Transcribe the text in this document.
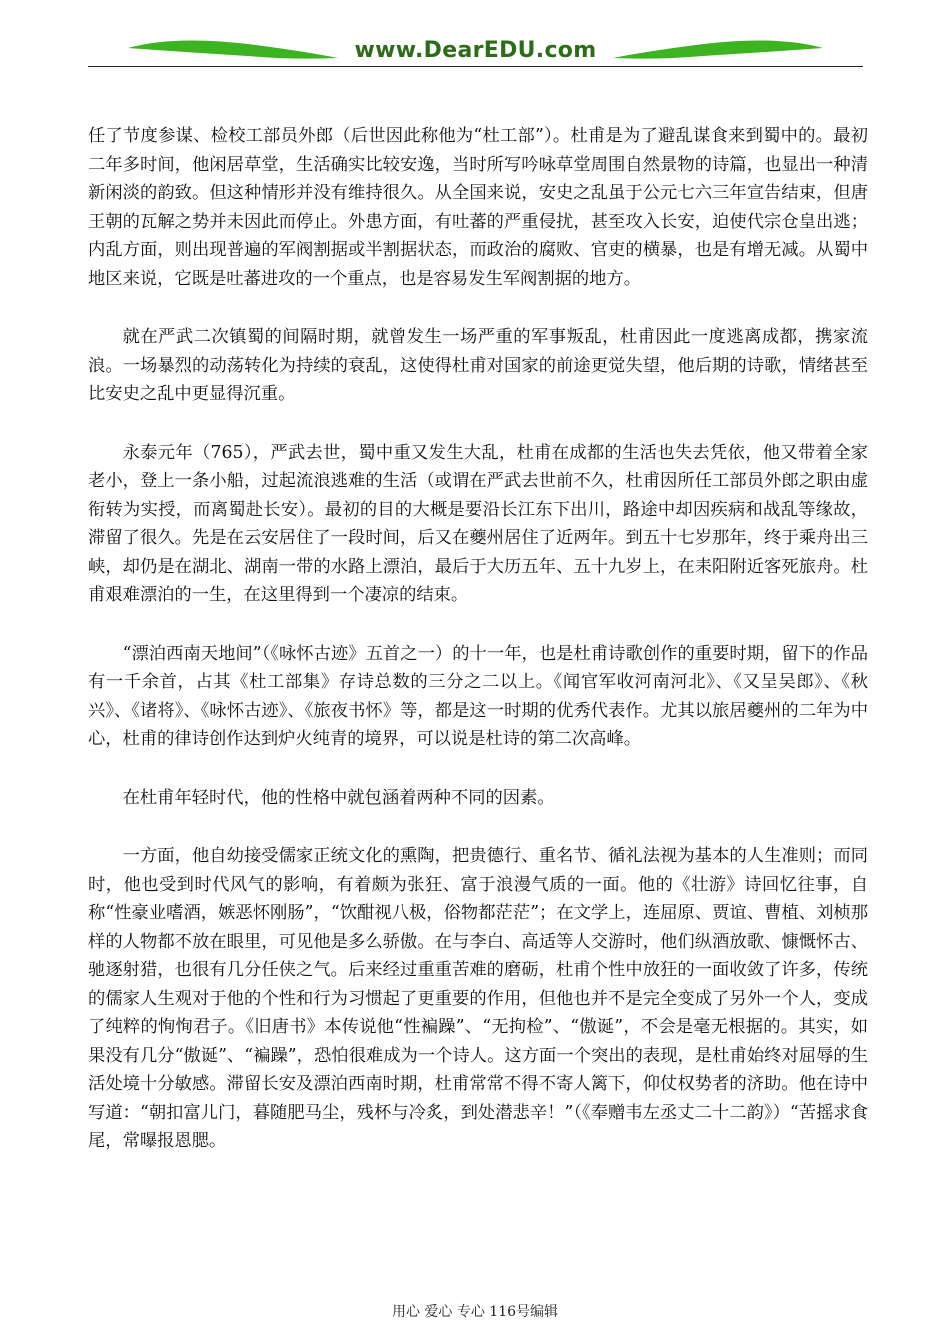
www.DearEDU.com

任了节度参谋、检校工部员外郎（后世因此称他为“杜工部”）。杜甫是为了避乱谋食来到蜀中的。最初二年多时间，他闲居草堂，生活确实比较安逸，当时所写吟咏草堂周围自然景物的诗篇，也显出一种清新闲淡的韵致。但这种情形并没有维持很久。从全国来说，安史之乱虽于公元七六三年宣告结束，但唐王朝的瓦解之势并未因此而停止。外患方面，有吐蕃的严重侵扰，甚至攻入长安，迫使代宗仓皇出逃；内乱方面，则出现普遍的军阀割据或半割据状态，而政治的腐败、官吏的横暴，也是有增无减。从蜀中地区来说，它既是吐蕃进攻的一个重点，也是容易发生军阀割据的地方。

就在严武二次镇蜀的间隔时期，就曾发生一场严重的军事叛乱，杜甫因此一度逃离成都，携家流浪。一场暴烈的动荡转化为持续的衰乱，这使得杜甫对国家的前途更觉失望，他后期的诗歌，情绪甚至比安史之乱中更显得沉重。

永泰元年（765），严武去世，蜀中重又发生大乱，杜甫在成都的生活也失去凭依，他又带着全家老小，登上一条小船，过起流浪逃难的生活（或谓在严武去世前不久，杜甫因所任工部员外郎之职由虚衔转为实授，而离蜀赴长安）。最初的目的大概是要沿长江东下出川，路途中却因疾病和战乱等缘故，滞留了很久。先是在云安居住了一段时间，后又在夔州居住了近两年。到五十七岁那年，终于乘舟出三峡，却仍是在湖北、湖南一带的水路上漂泊，最后于大历五年、五十九岁上，在耒阳附近客死旅舟。杜甫艰难漂泊的一生，在这里得到一个凄凉的结束。

“漂泊西南天地间”（《咏怀古迹》五首之一）的十一年，也是杜甫诗歌创作的重要时期，留下的作品有一千余首，占其《杜工部集》存诗总数的三分之二以上。《闻官军收河南河北》、《又呈吴郎》、《秋兴》、《诸将》、《咏怀古迹》、《旅夜书怀》等，都是这一时期的优秀代表作。尤其以旅居夔州的二年为中心，杜甫的律诗创作达到炉火纯青的境界，可以说是杜诗的第二次高峰。

在杜甫年轻时代，他的性格中就包涵着两种不同的因素。

一方面，他自幼接受儒家正统文化的熏陶，把贵德行、重名节、循礼法视为基本的人生准则；而同时，他也受到时代风气的影响，有着颇为张狂、富于浪漫气质的一面。他的《壮游》诗回忆往事，自称“性豪业嗜酒，嫉恶怀刚肠”，“饮酣视八极，俗物都茫茫”；在文学上，连屈原、贾谊、曹植、刘桢那样的人物都不放在眼里，可见他是多么骄傲。在与李白、高适等人交游时，他们纵酒放歌、慷慨怀古、驰逐射猎，也很有几分任侠之气。后来经过重重苦难的磨砺，杜甫个性中放狂的一面收敛了许多，传统的儒家人生观对于他的个性和行为习惯起了更重要的作用，但他也并不是完全变成了另外一个人，变成了纯粹的恂恂君子。《旧唐书》本传说他“性褊躁”、“无拘检”、“傲诞”，不会是毫无根据的。其实，如果没有几分“傲诞”、“褊躁”，恐怕很难成为一个诗人。这方面一个突出的表现，是杜甫始终对屈辱的生活处境十分敏感。滞留长安及漂泊西南时期，杜甫常常不得不寄人篱下，仰仗权势者的济助。他在诗中写道：“朝扣富儿门，暮随肥马尘，残杯与冷炙，到处潜悲辛！”（《奉赠韦左丞丈二十二韵》）“苦摇求食尾，常曝报恩腮。

用心 爱心 专心 116号编辑
